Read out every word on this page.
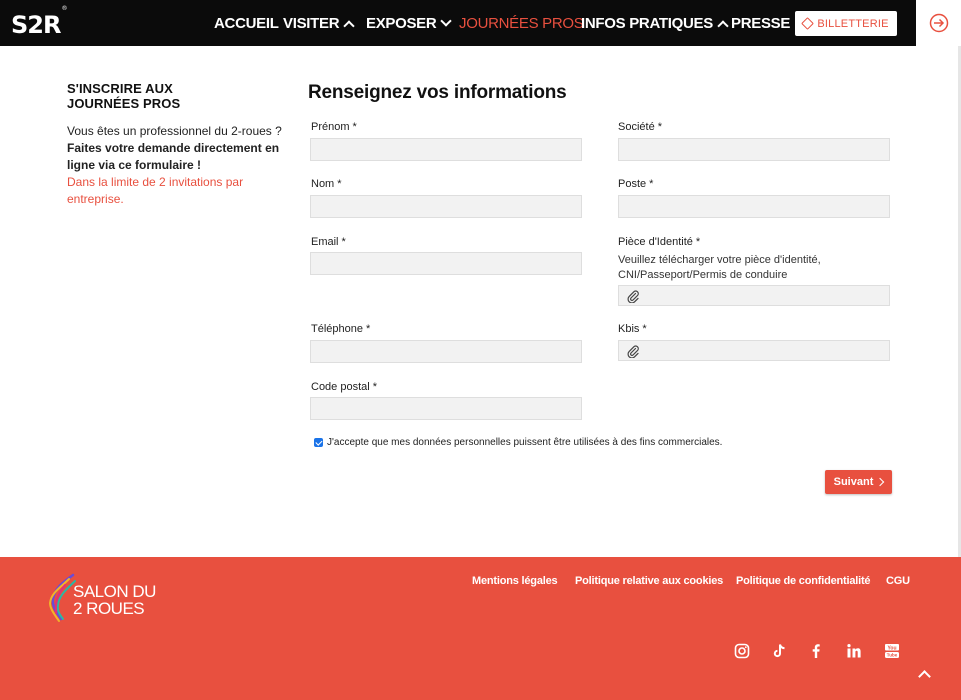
S2R®
ACCUEIL VISITER EXPOSER JOURNÉES PROS
INFOS PRATIQUES PRESSE BILLETTERIE
S'INSCRIRE AUX JOURNÉES PROS
Vous êtes un professionnel du 2-roues ? Faites votre demande directement en ligne via ce formulaire !
Dans la limite de 2 invitations par entreprise.
Renseignez vos informations
Prénom *	Société *
Nom *	Poste *
Email *	Pièce d'Identité *
Veuillez télécharger votre pièce d'identité, CNI/Passeport/Permis de conduire
Téléphone *	Kbis *
Code postal *
J'accepte que mes données personnelles puissent être utilisées à des fins commerciales.
Suivant
SALON DU
2 ROUES
Mentions légales Politique relative aux cookies Politique de confidentialité CGU
You
Tube
